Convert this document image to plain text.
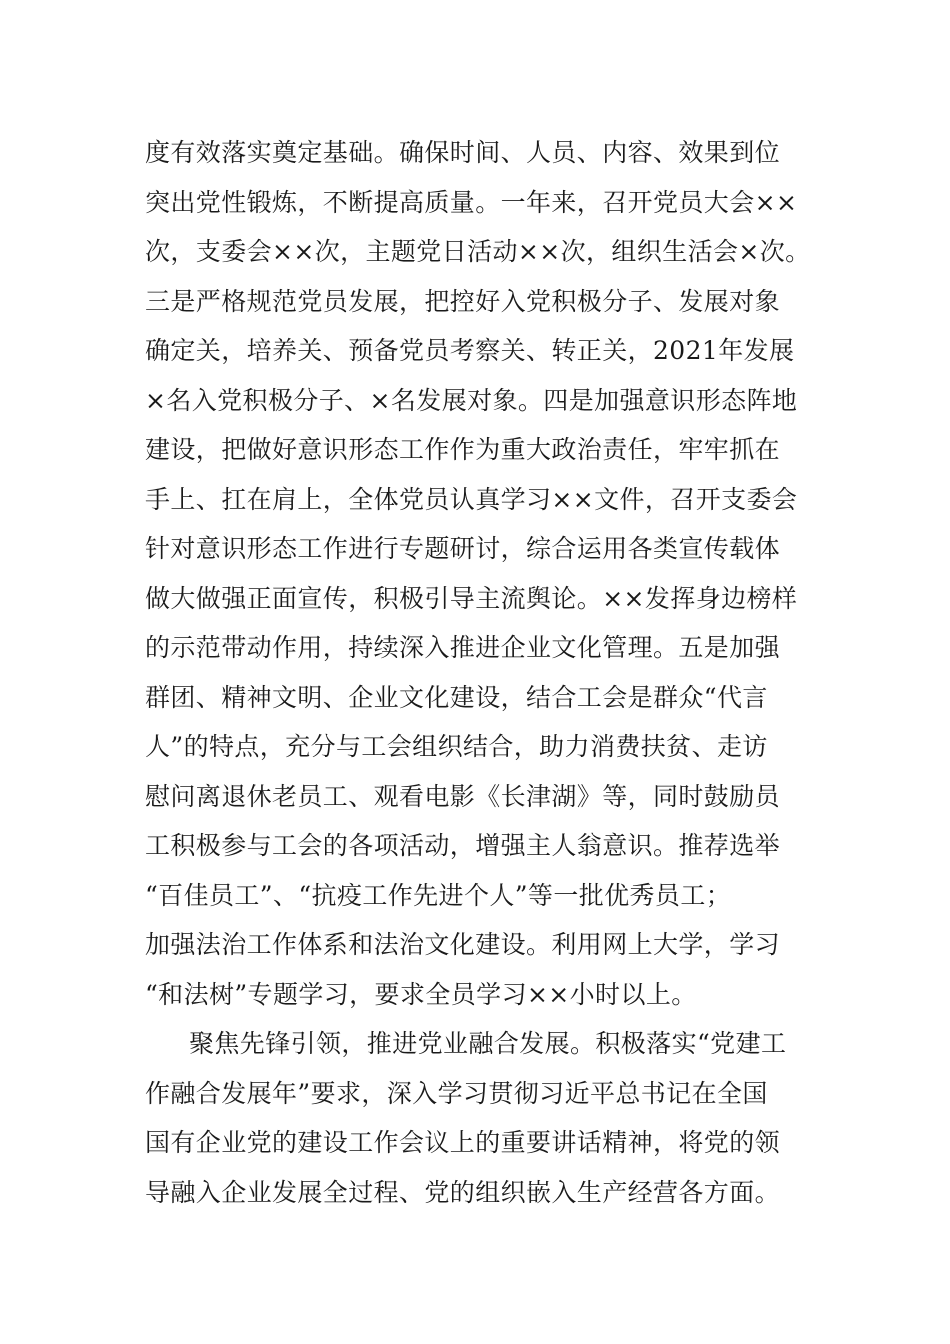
度有效落实奠定基础。确保时间、人员、内容、效果到位
突出党性锻炼，不断提高质量。一年来，召开党员大会××
次，支委会××次，主题党日活动××次，组织生活会×次。
三是严格规范党员发展，把控好入党积极分子、发展对象
确定关，培养关、预备党员考察关、转正关，2021年发展
×名入党积极分子、×名发展对象。四是加强意识形态阵地
建设，把做好意识形态工作作为重大政治责任，牢牢抓在
手上、扛在肩上，全体党员认真学习××文件，召开支委会
针对意识形态工作进行专题研讨，综合运用各类宣传载体
做大做强正面宣传，积极引导主流舆论。××发挥身边榜样
的示范带动作用，持续深入推进企业文化管理。五是加强
群团、精神文明、企业文化建设，结合工会是群众“代言
人”的特点，充分与工会组织结合，助力消费扶贫、走访
慰问离退休老员工、观看电影《长津湖》等，同时鼓励员
工积极参与工会的各项活动，增强主人翁意识。推荐选举
“百佳员工”、“抗疫工作先进个人”等一批优秀员工；
加强法治工作体系和法治文化建设。利用网上大学，学习
“和法树”专题学习，要求全员学习××小时以上。
聚焦先锋引领，推进党业融合发展。积极落实“党建工
作融合发展年”要求，深入学习贯彻习近平总书记在全国
国有企业党的建设工作会议上的重要讲话精神，将党的领
导融入企业发展全过程、党的组织嵌入生产经营各方面。
